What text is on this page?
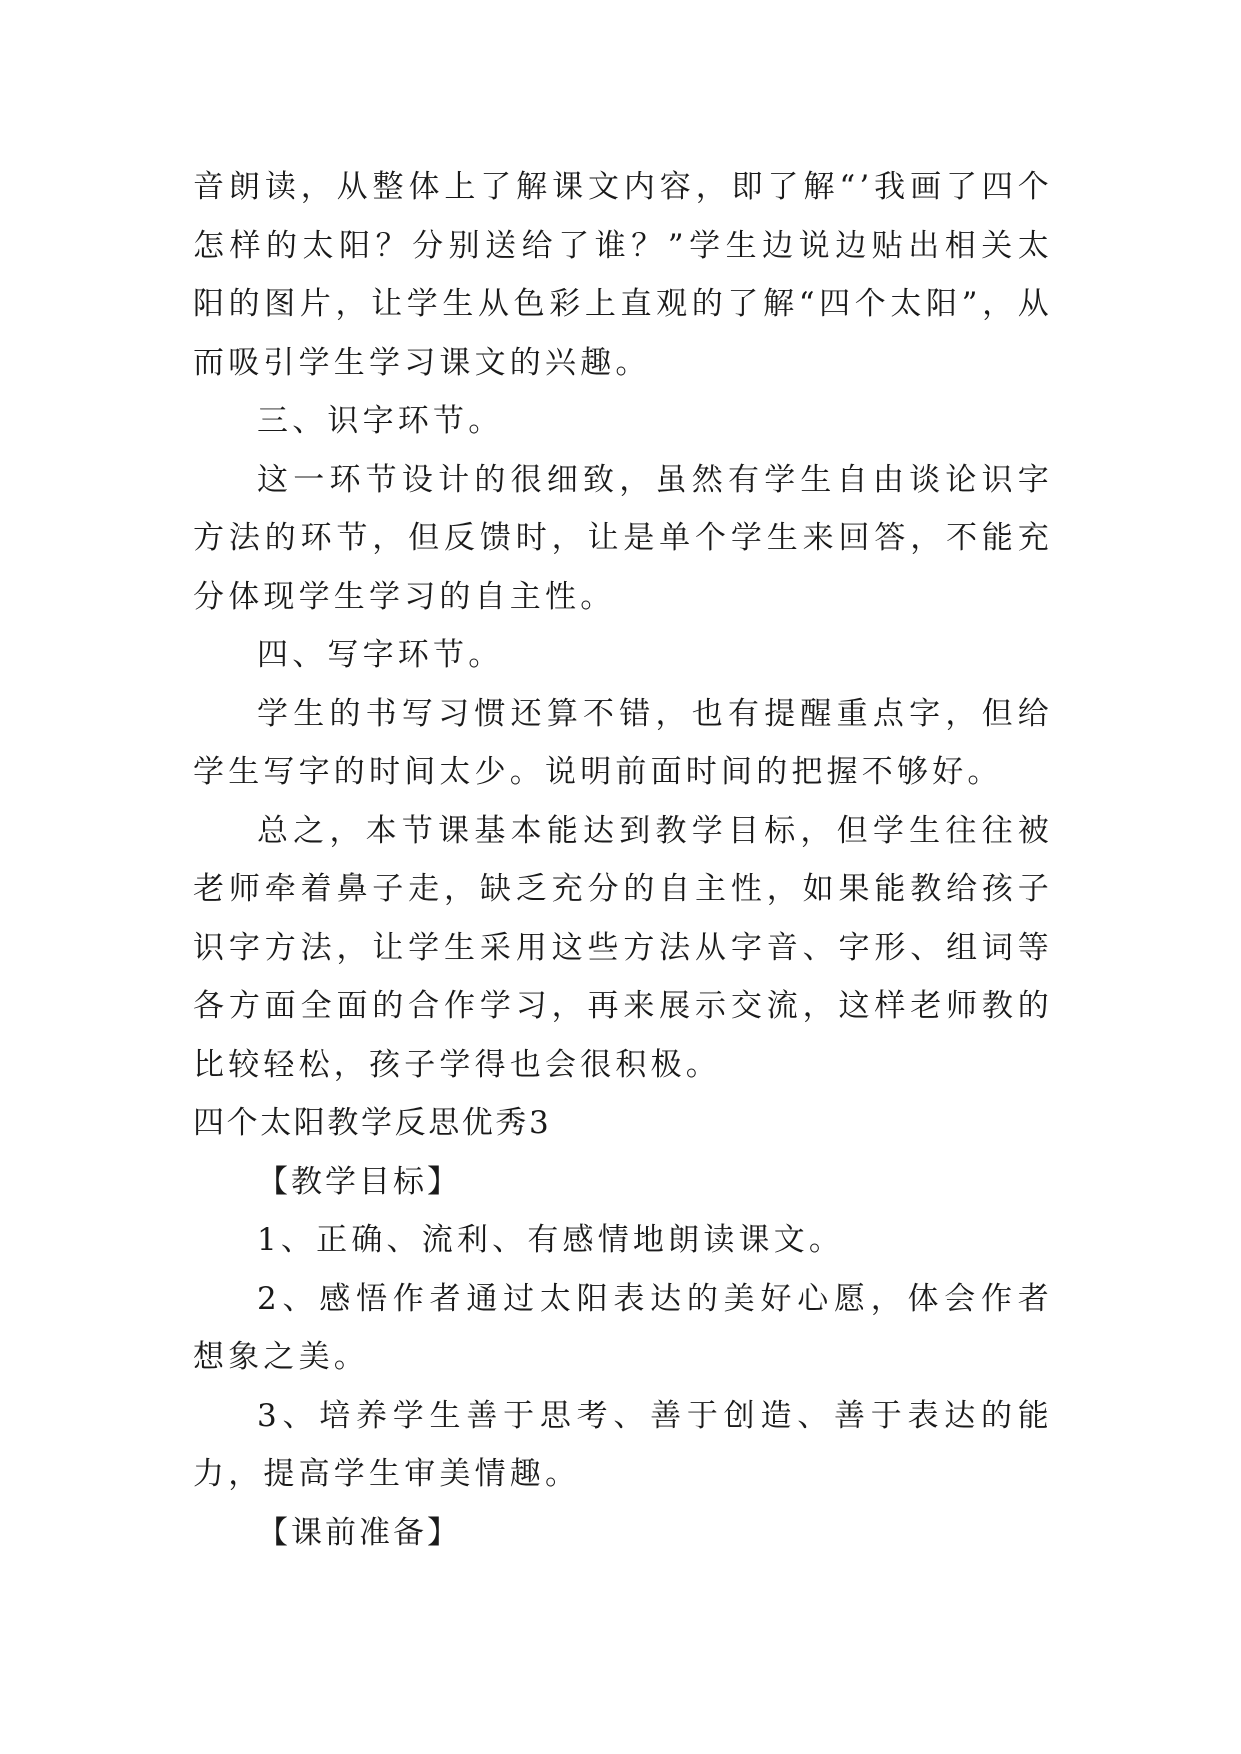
音朗读，从整体上了解课文内容，即了解“’我画了四个怎样的太阳？分别送给了谁？”学生边说边贴出相关太阳的图片，让学生从色彩上直观的了解“四个太阳”，从而吸引学生学习课文的兴趣。

三、识字环节。

这一环节设计的很细致，虽然有学生自由谈论识字方法的环节，但反馈时，让是单个学生来回答，不能充分体现学生学习的自主性。

四、写字环节。

学生的书写习惯还算不错，也有提醒重点字，但给学生写字的时间太少。说明前面时间的把握不够好。

总之，本节课基本能达到教学目标，但学生往往被老师牵着鼻子走，缺乏充分的自主性，如果能教给孩子识字方法，让学生采用这些方法从字音、字形、组词等各方面全面的合作学习，再来展示交流，这样老师教的比较轻松，孩子学得也会很积极。

四个太阳教学反思优秀3

【教学目标】

1、正确、流利、有感情地朗读课文。

2、感悟作者通过太阳表达的美好心愿，体会作者想象之美。

3、培养学生善于思考、善于创造、善于表达的能力，提高学生审美情趣。

【课前准备】
